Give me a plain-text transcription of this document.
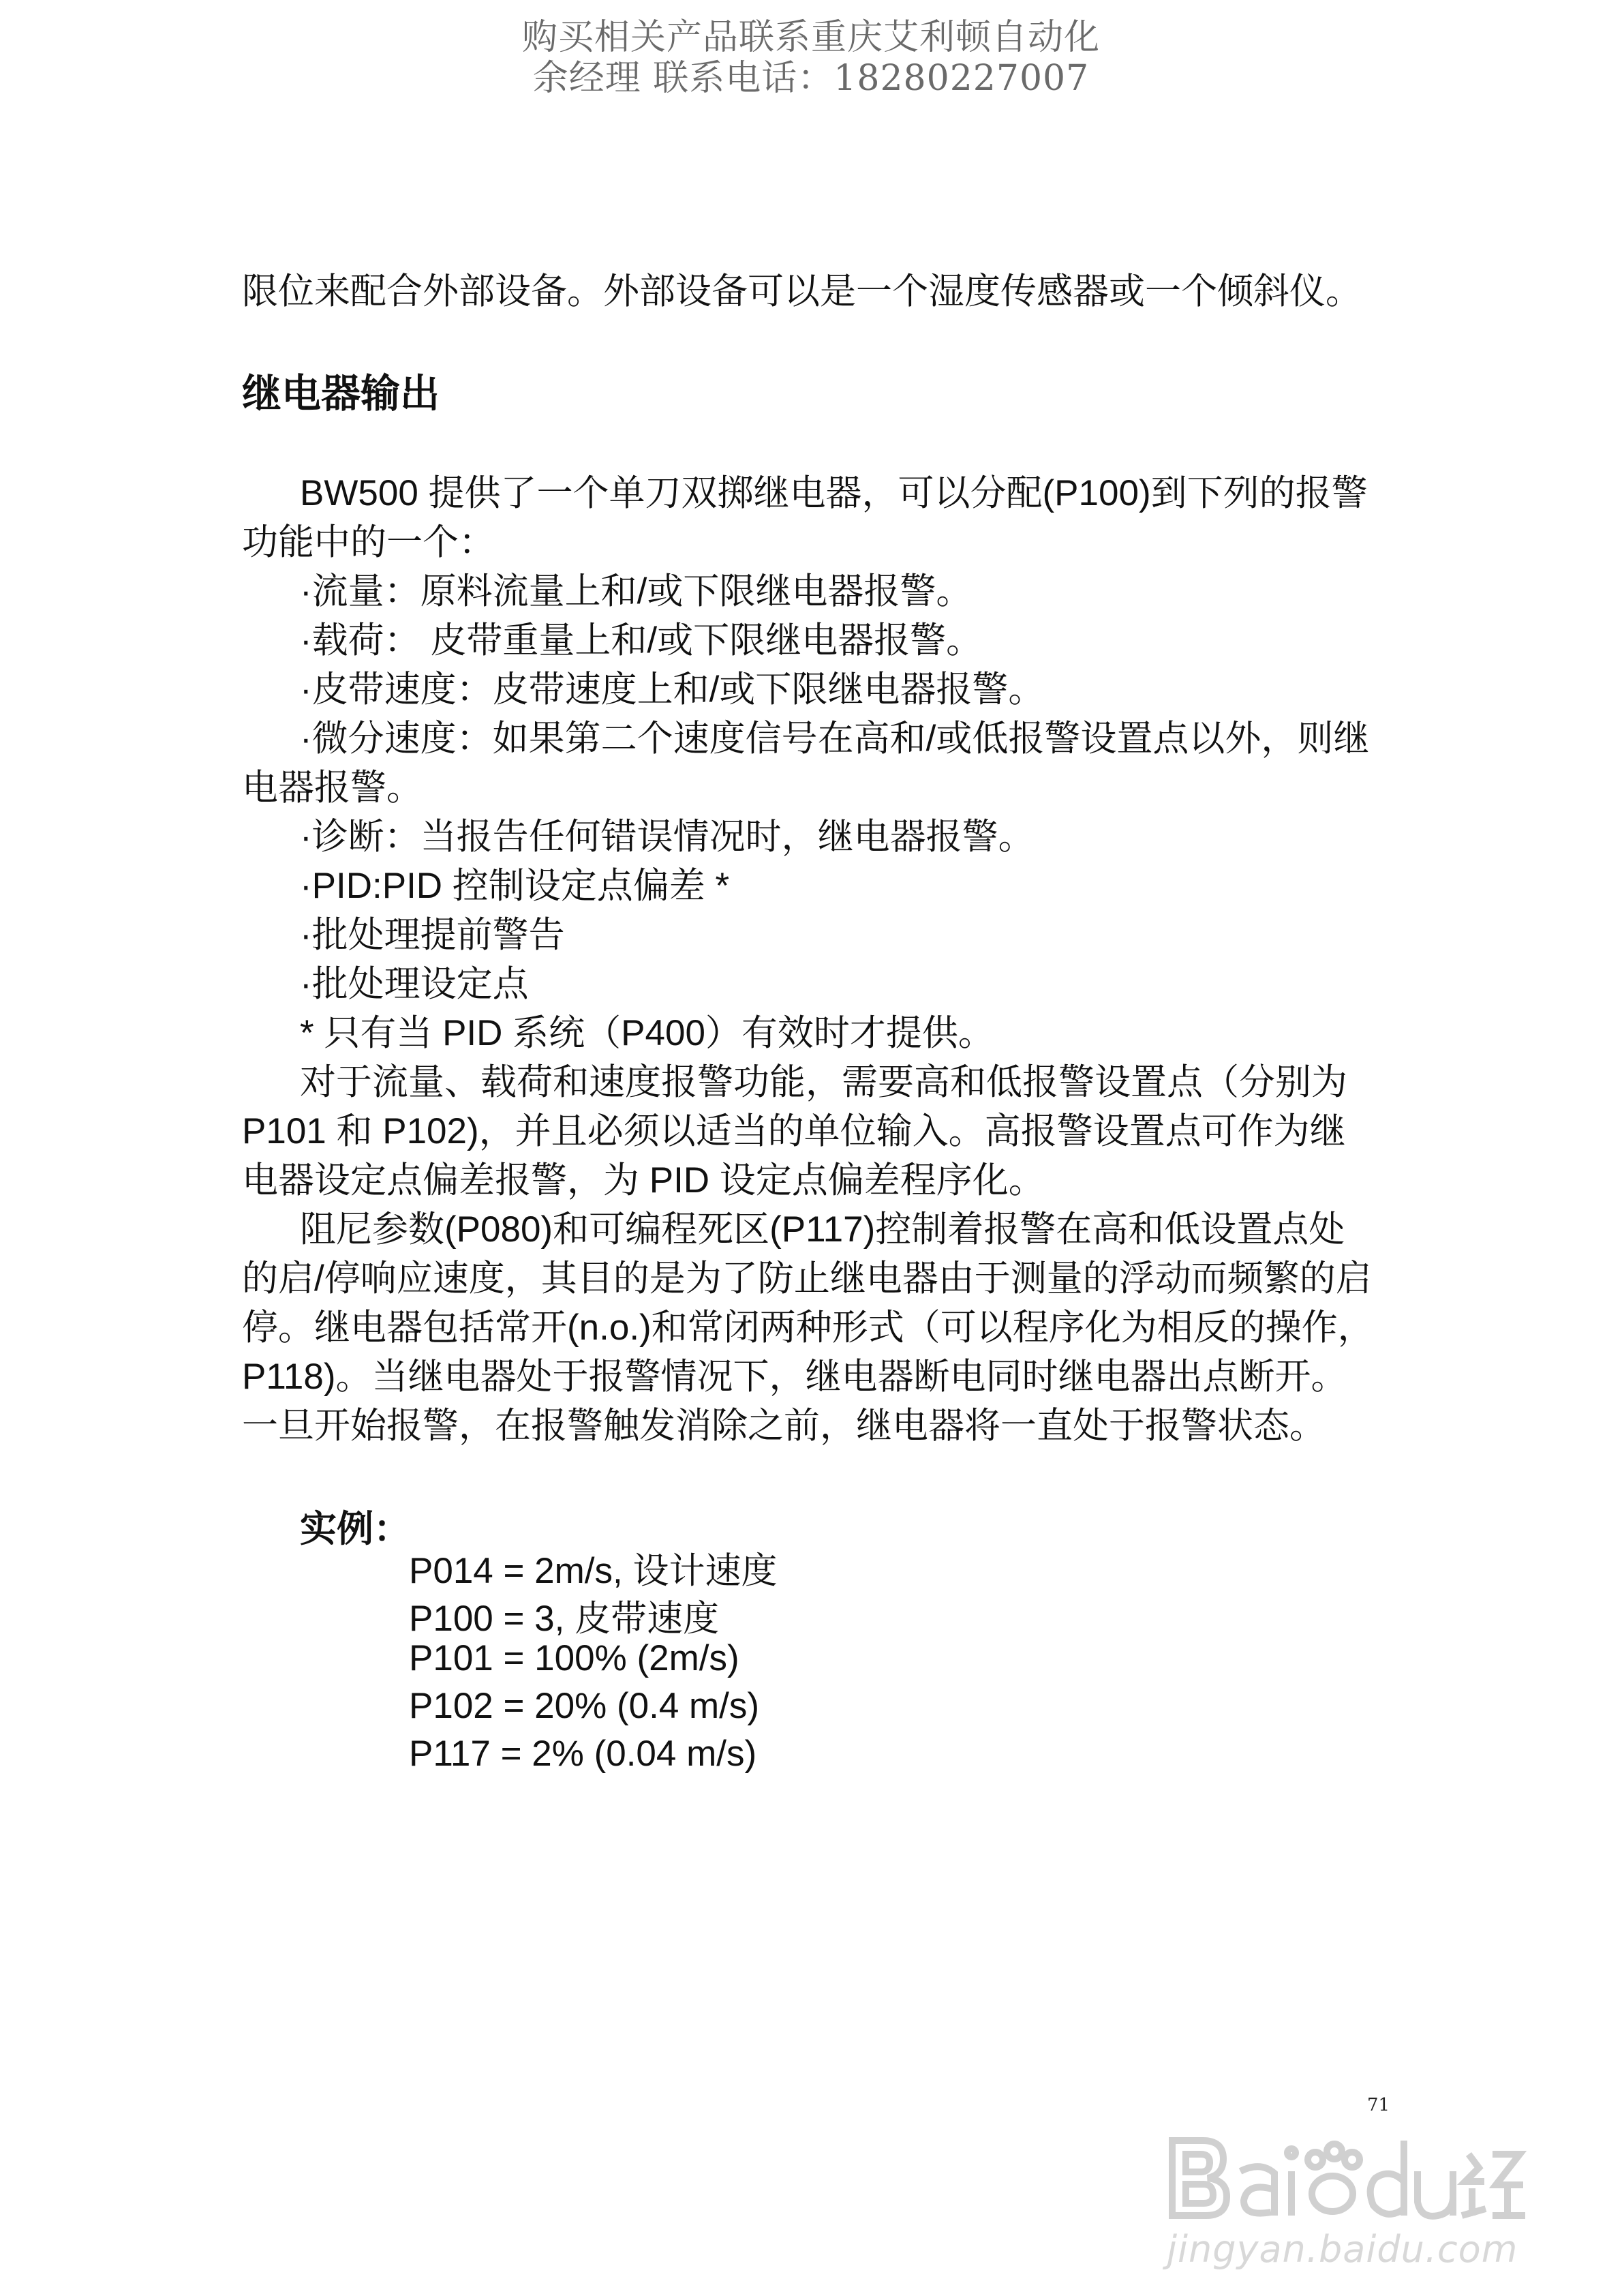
购买相关产品联系重庆艾利顿自动化
余经理 联系电话：18280227007
限位来配合外部设备。外部设备可以是一个湿度传感器或一个倾斜仪。
继电器输出
BW500 提供了一个单刀双掷继电器，可以分配(P100)到下列的报警
功能中的一个：
·流量：原料流量上和/或下限继电器报警。
·载荷： 皮带重量上和/或下限继电器报警。
·皮带速度：皮带速度上和/或下限继电器报警。
·微分速度：如果第二个速度信号在高和/或低报警设置点以外，则继
电器报警。
·诊断：当报告任何错误情况时，继电器报警。
·PID:PID 控制设定点偏差 *
·批处理提前警告
·批处理设定点
* 只有当 PID 系统（P400）有效时才提供。
对于流量、载荷和速度报警功能，需要高和低报警设置点（分别为
P101 和 P102)，并且必须以适当的单位输入。高报警设置点可作为继
电器设定点偏差报警，为 PID 设定点偏差程序化。
阻尼参数(P080)和可编程死区(P117)控制着报警在高和低设置点处
的启/停响应速度，其目的是为了防止继电器由于测量的浮动而频繁的启
停。继电器包括常开(n.o.)和常闭两种形式（可以程序化为相反的操作，
P118)。当继电器处于报警情况下，继电器断电同时继电器出点断开。
一旦开始报警，在报警触发消除之前，继电器将一直处于报警状态。
实例：
P014 = 2m/s, 设计速度
P100 = 3, 皮带速度
P101 = 100% (2m/s)
P102 = 20% (0.4 m/s)
P117 = 2% (0.04 m/s)
71
jingyan.baidu.com
